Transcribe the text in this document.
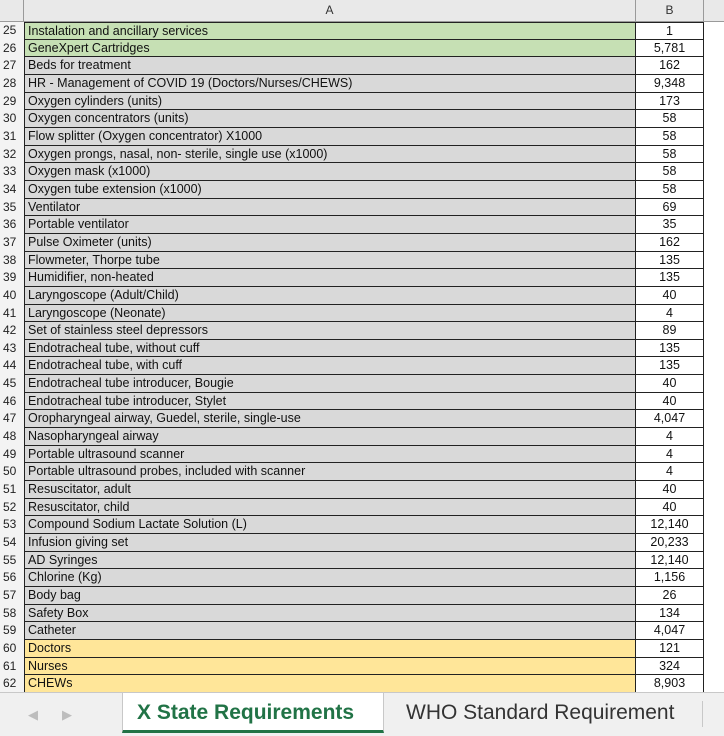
A	B
25 Instalation and ancillary services	1
26 GeneXpert Cartridges	5,781
27 Beds for treatment	162
28 HR - Management of COVID 19 (Doctors/Nurses/CHEWS)	9,348
29 Oxygen cylinders (units)	173
30 Oxygen concentrators (units)	58
31 Flow splitter (Oxygen concentrator) X1000	58
32 Oxygen prongs, nasal, non- sterile, single use (x1000)	58
33 Oxygen mask (x1000)	58
34 Oxygen tube extension (x1000)	58
35 Ventilator	69
36 Portable ventilator	35
37 Pulse Oximeter (units)	162
38 Flowmeter, Thorpe tube	135
39 Humidifier, non-heated	135
40 Laryngoscope (Adult/Child)	40
41 Laryngoscope (Neonate)	4
42 Set of stainless steel depressors	89
43 Endotracheal tube, without cuff	135
44 Endotracheal tube, with cuff	135
45 Endotracheal tube introducer, Bougie	40
46 Endotracheal tube introducer, Stylet	40
47 Oropharyngeal airway, Guedel, sterile, single-use	4,047
48 Nasopharyngeal airway	4
49 Portable ultrasound scanner	4
50 Portable ultrasound probes, included with scanner	4
51 Resuscitator, adult	40
52 Resuscitator, child	40
53 Compound Sodium Lactate Solution (L)	12,140
54 Infusion giving set	20,233
55 AD Syringes	12,140
56 Chlorine (Kg)	1,156
57 Body bag	26
58 Safety Box	134
59 Catheter	4,047
60 Doctors	121
61 Nurses	324
62 CHEWs	8,903
◀	▶	X State Requirements	WHO Standard Requirement
